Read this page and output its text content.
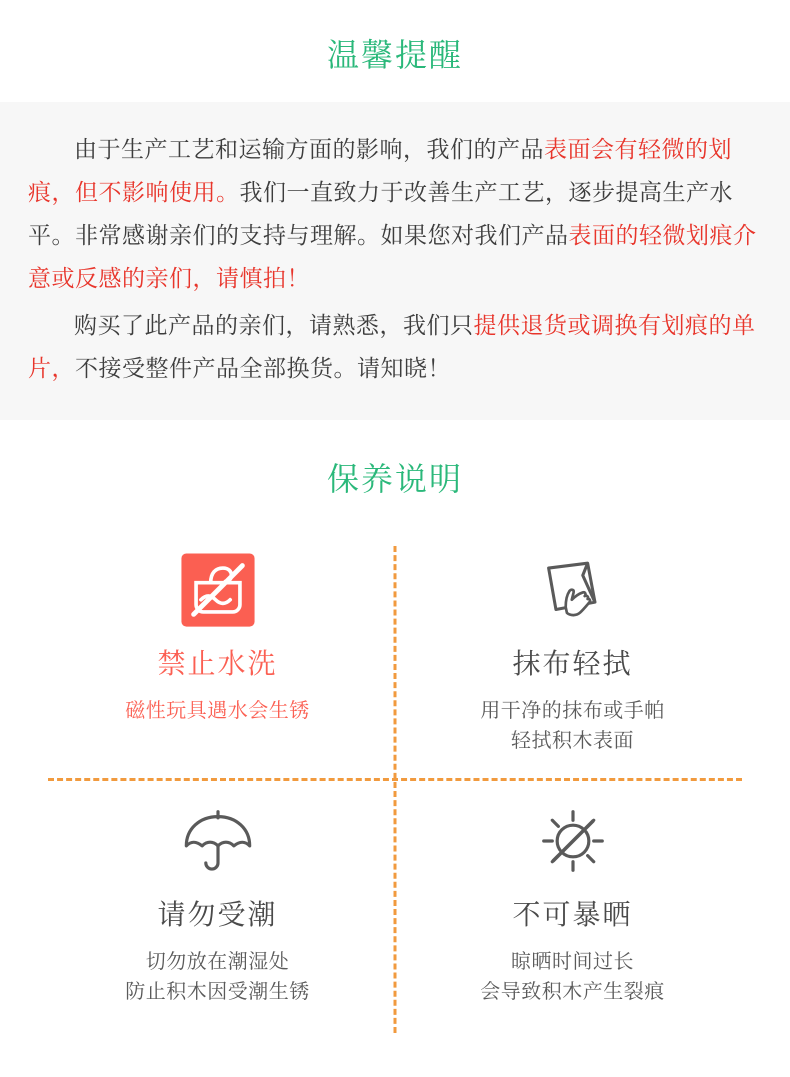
温馨提醒

由于生产工艺和运输方面的影响，我们的产品表面会有轻微的划痕，但不影响使用。我们一直致力于改善生产工艺，逐步提高生产水平。非常感谢亲们的支持与理解。如果您对我们产品表面的轻微划痕介意或反感的亲们，请慎拍！

购买了此产品的亲们，请熟悉，我们只提供退货或调换有划痕的单片，不接受整件产品全部换货。请知晓！

保养说明
禁止水洗
磁性玩具遇水会生锈
抹布轻拭
用干净的抹布或手帕
轻拭积木表面
请勿受潮
切勿放在潮湿处
防止积木因受潮生锈
不可暴晒
晾晒时间过长
会导致积木产生裂痕
